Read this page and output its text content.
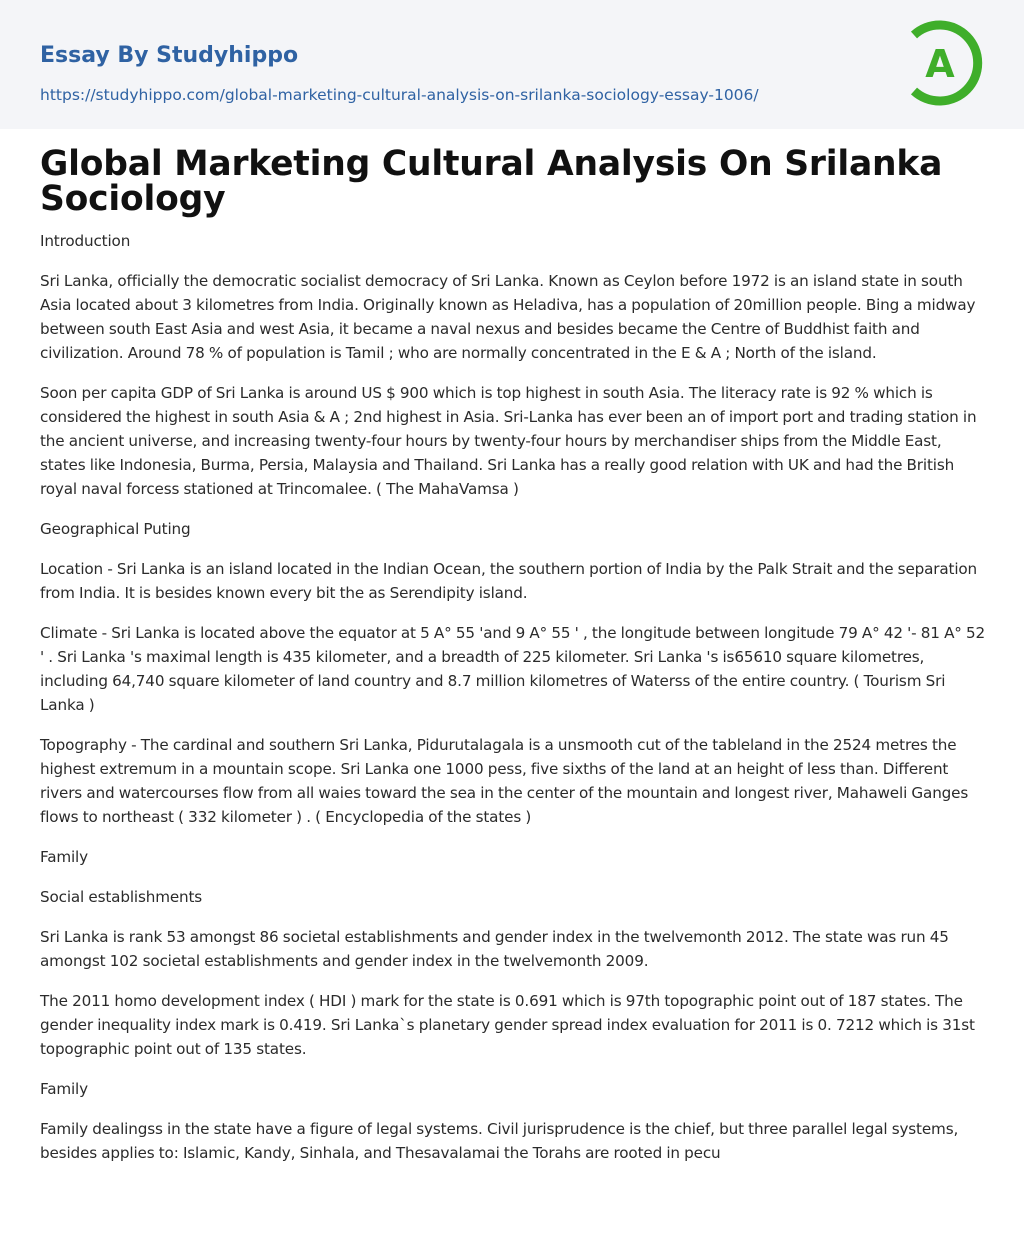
Essay By Studyhippo
https://studyhippo.com/global-marketing-cultural-analysis-on-srilanka-sociology-essay-1006/
A
Global Marketing Cultural Analysis On Srilanka Sociology

Introduction

Sri Lanka, officially the democratic socialist democracy of Sri Lanka. Known as Ceylon before 1972 is an island state in south Asia located about 3 kilometres from India. Originally known as Heladiva, has a population of 20million people. Bing a midway between south East Asia and west Asia, it became a naval nexus and besides became the Centre of Buddhist faith and civilization. Around 78 % of population is Tamil ; who are normally concentrated in the E & A ; North of the island.

Soon per capita GDP of Sri Lanka is around US $ 900 which is top highest in south Asia. The literacy rate is 92 % which is considered the highest in south Asia & A ; 2nd highest in Asia. Sri-Lanka has ever been an of import port and trading station in the ancient universe, and increasing twenty-four hours by twenty-four hours by merchandiser ships from the Middle East, states like Indonesia, Burma, Persia, Malaysia and Thailand. Sri Lanka has a really good relation with UK and had the British royal naval forcess stationed at Trincomalee. ( The MahaVamsa )

Geographical Puting

Location - Sri Lanka is an island located in the Indian Ocean, the southern portion of India by the Palk Strait and the separation from India. It is besides known every bit the as Serendipity island.

Climate - Sri Lanka is located above the equator at 5 A° 55 'and 9 A° 55 ' , the longitude between longitude 79 A° 42 '- 81 A° 52 ' . Sri Lanka 's maximal length is 435 kilometer, and a breadth of 225 kilometer. Sri Lanka 's is65610 square kilometres, including 64,740 square kilometer of land country and 8.7 million kilometres of Waterss of the entire country. ( Tourism Sri Lanka )

Topography - The cardinal and southern Sri Lanka, Pidurutalagala is a unsmooth cut of the tableland in the 2524 metres the highest extremum in a mountain scope. Sri Lanka one 1000 pess, five sixths of the land at an height of less than. Different rivers and watercourses flow from all waies toward the sea in the center of the mountain and longest river, Mahaweli Ganges flows to northeast ( 332 kilometer ) . ( Encyclopedia of the states )

Family

Social establishments

Sri Lanka is rank 53 amongst 86 societal establishments and gender index in the twelvemonth 2012. The state was run 45 amongst 102 societal establishments and gender index in the twelvemonth 2009.

The 2011 homo development index ( HDI ) mark for the state is 0.691 which is 97th topographic point out of 187 states. The gender inequality index mark is 0.419. Sri Lanka`s planetary gender spread index evaluation for 2011 is 0. 7212 which is 31st topographic point out of 135 states.

Family

Family dealingss in the state have a figure of legal systems. Civil jurisprudence is the chief, but three parallel legal systems, besides applies to: Islamic, Kandy, Sinhala, and Thesavalamai the Torahs are rooted in pecu
